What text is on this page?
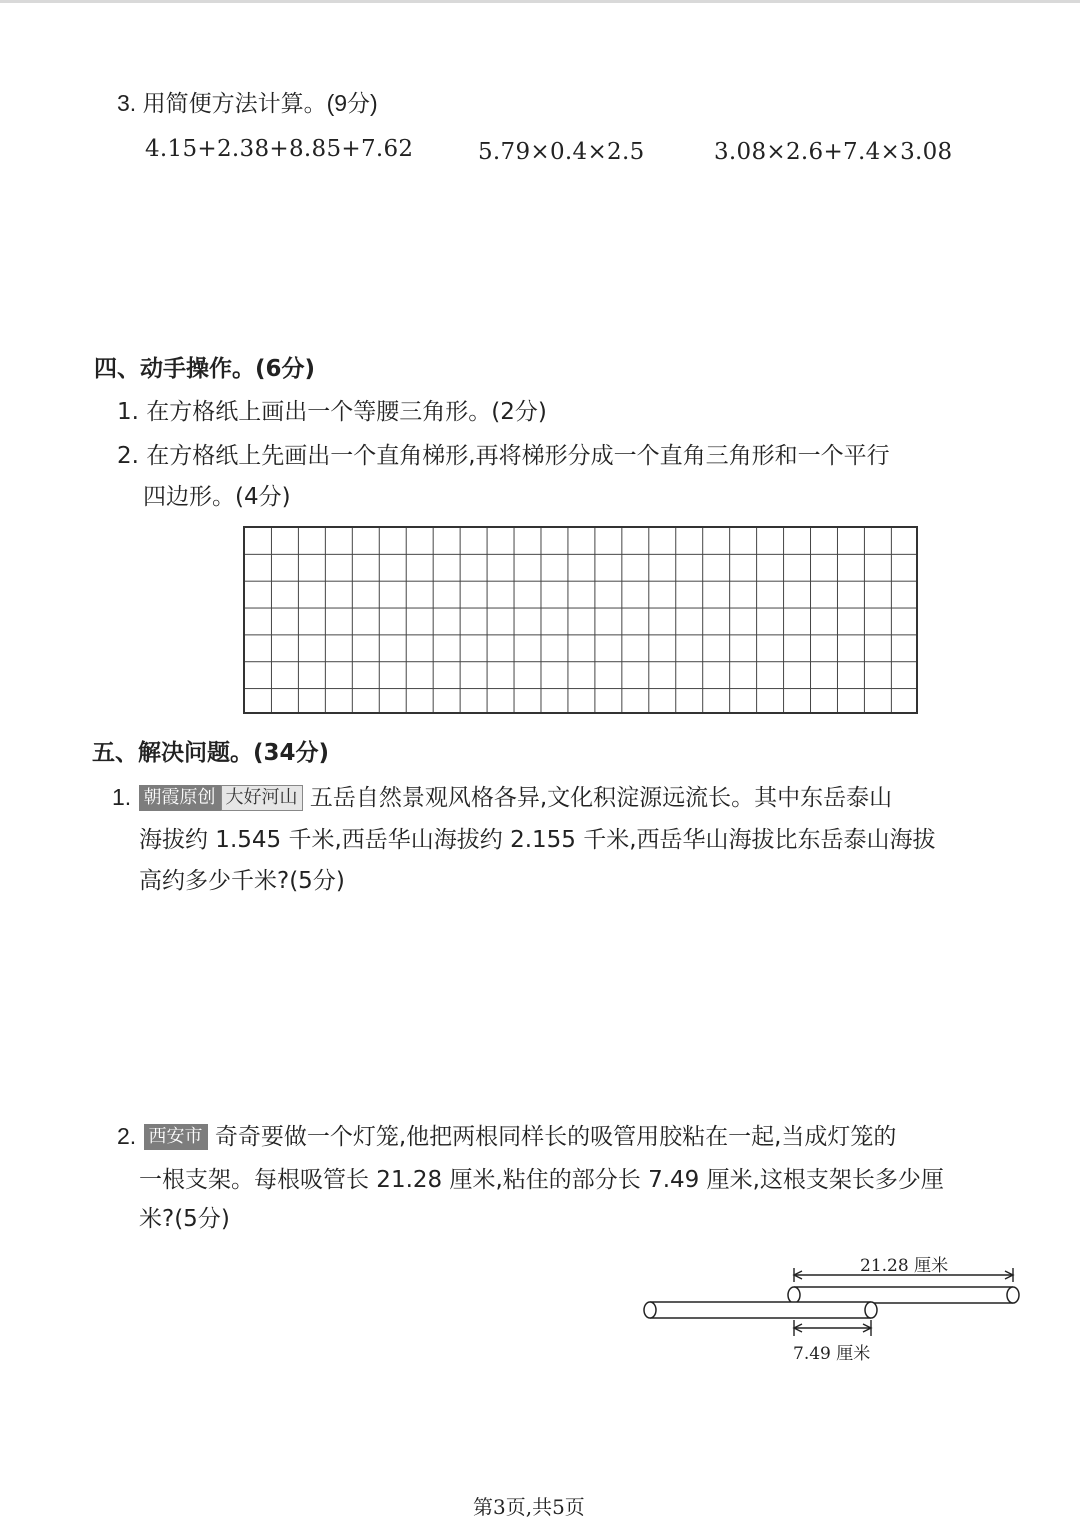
3. 用简便方法计算。(9分)
4.15+2.38+8.85+7.62	5.79×0.4×2.5	3.08×2.6+7.4×3.08
四、动手操作。(6分)
1. 在方格纸上画出一个等腰三角形。(2分)
2. 在方格纸上先画出一个直角梯形,再将梯形分成一个直角三角形和一个平行
四边形。(4分)
五、解决问题。(34分)
1. 朝霞原创 大好河山 五岳自然景观风格各异,文化积淀源远流长。其中东岳泰山
海拔约 1.545 千米,西岳华山海拔约 2.155 千米,西岳华山海拔比东岳泰山海拔
高约多少千米?(5分)
2. 西安市 奇奇要做一个灯笼,他把两根同样长的吸管用胶粘在一起,当成灯笼的
一根支架。每根吸管长 21.28 厘米,粘住的部分长 7.49 厘米,这根支架长多少厘
米?(5分)
21.28 厘米
7.49 厘米
第3页,共5页
